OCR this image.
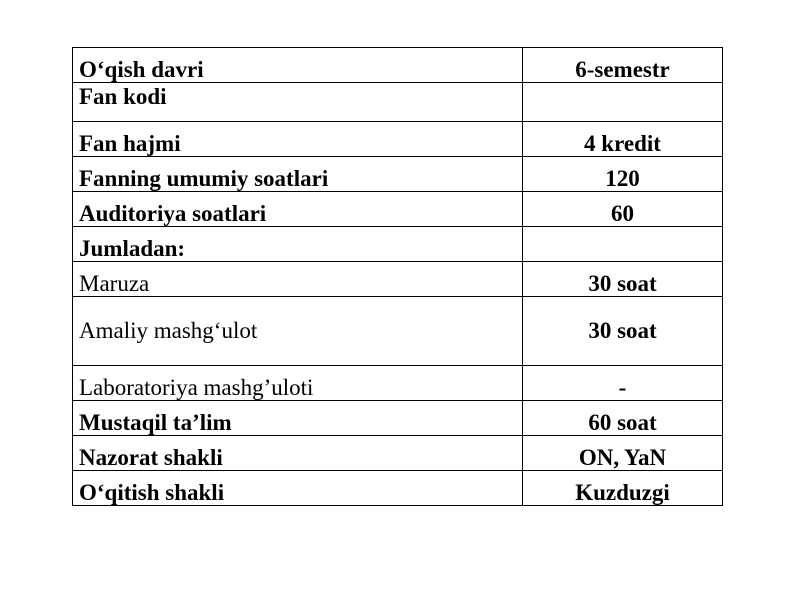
O‘qish davri	6-semestr
Fan kodi	
Fan hajmi	4 kredit
Fanning umumiy soatlari	120
Auditoriya soatlari	60
Jumladan:	
Maruza	30 soat
Amaliy mashg‘ulot	30 soat
Laboratoriya mashg’uloti	-
Mustaqil ta’lim	60 soat
Nazorat shakli	ON, YaN
O‘qitish shakli	Kuzduzgi
